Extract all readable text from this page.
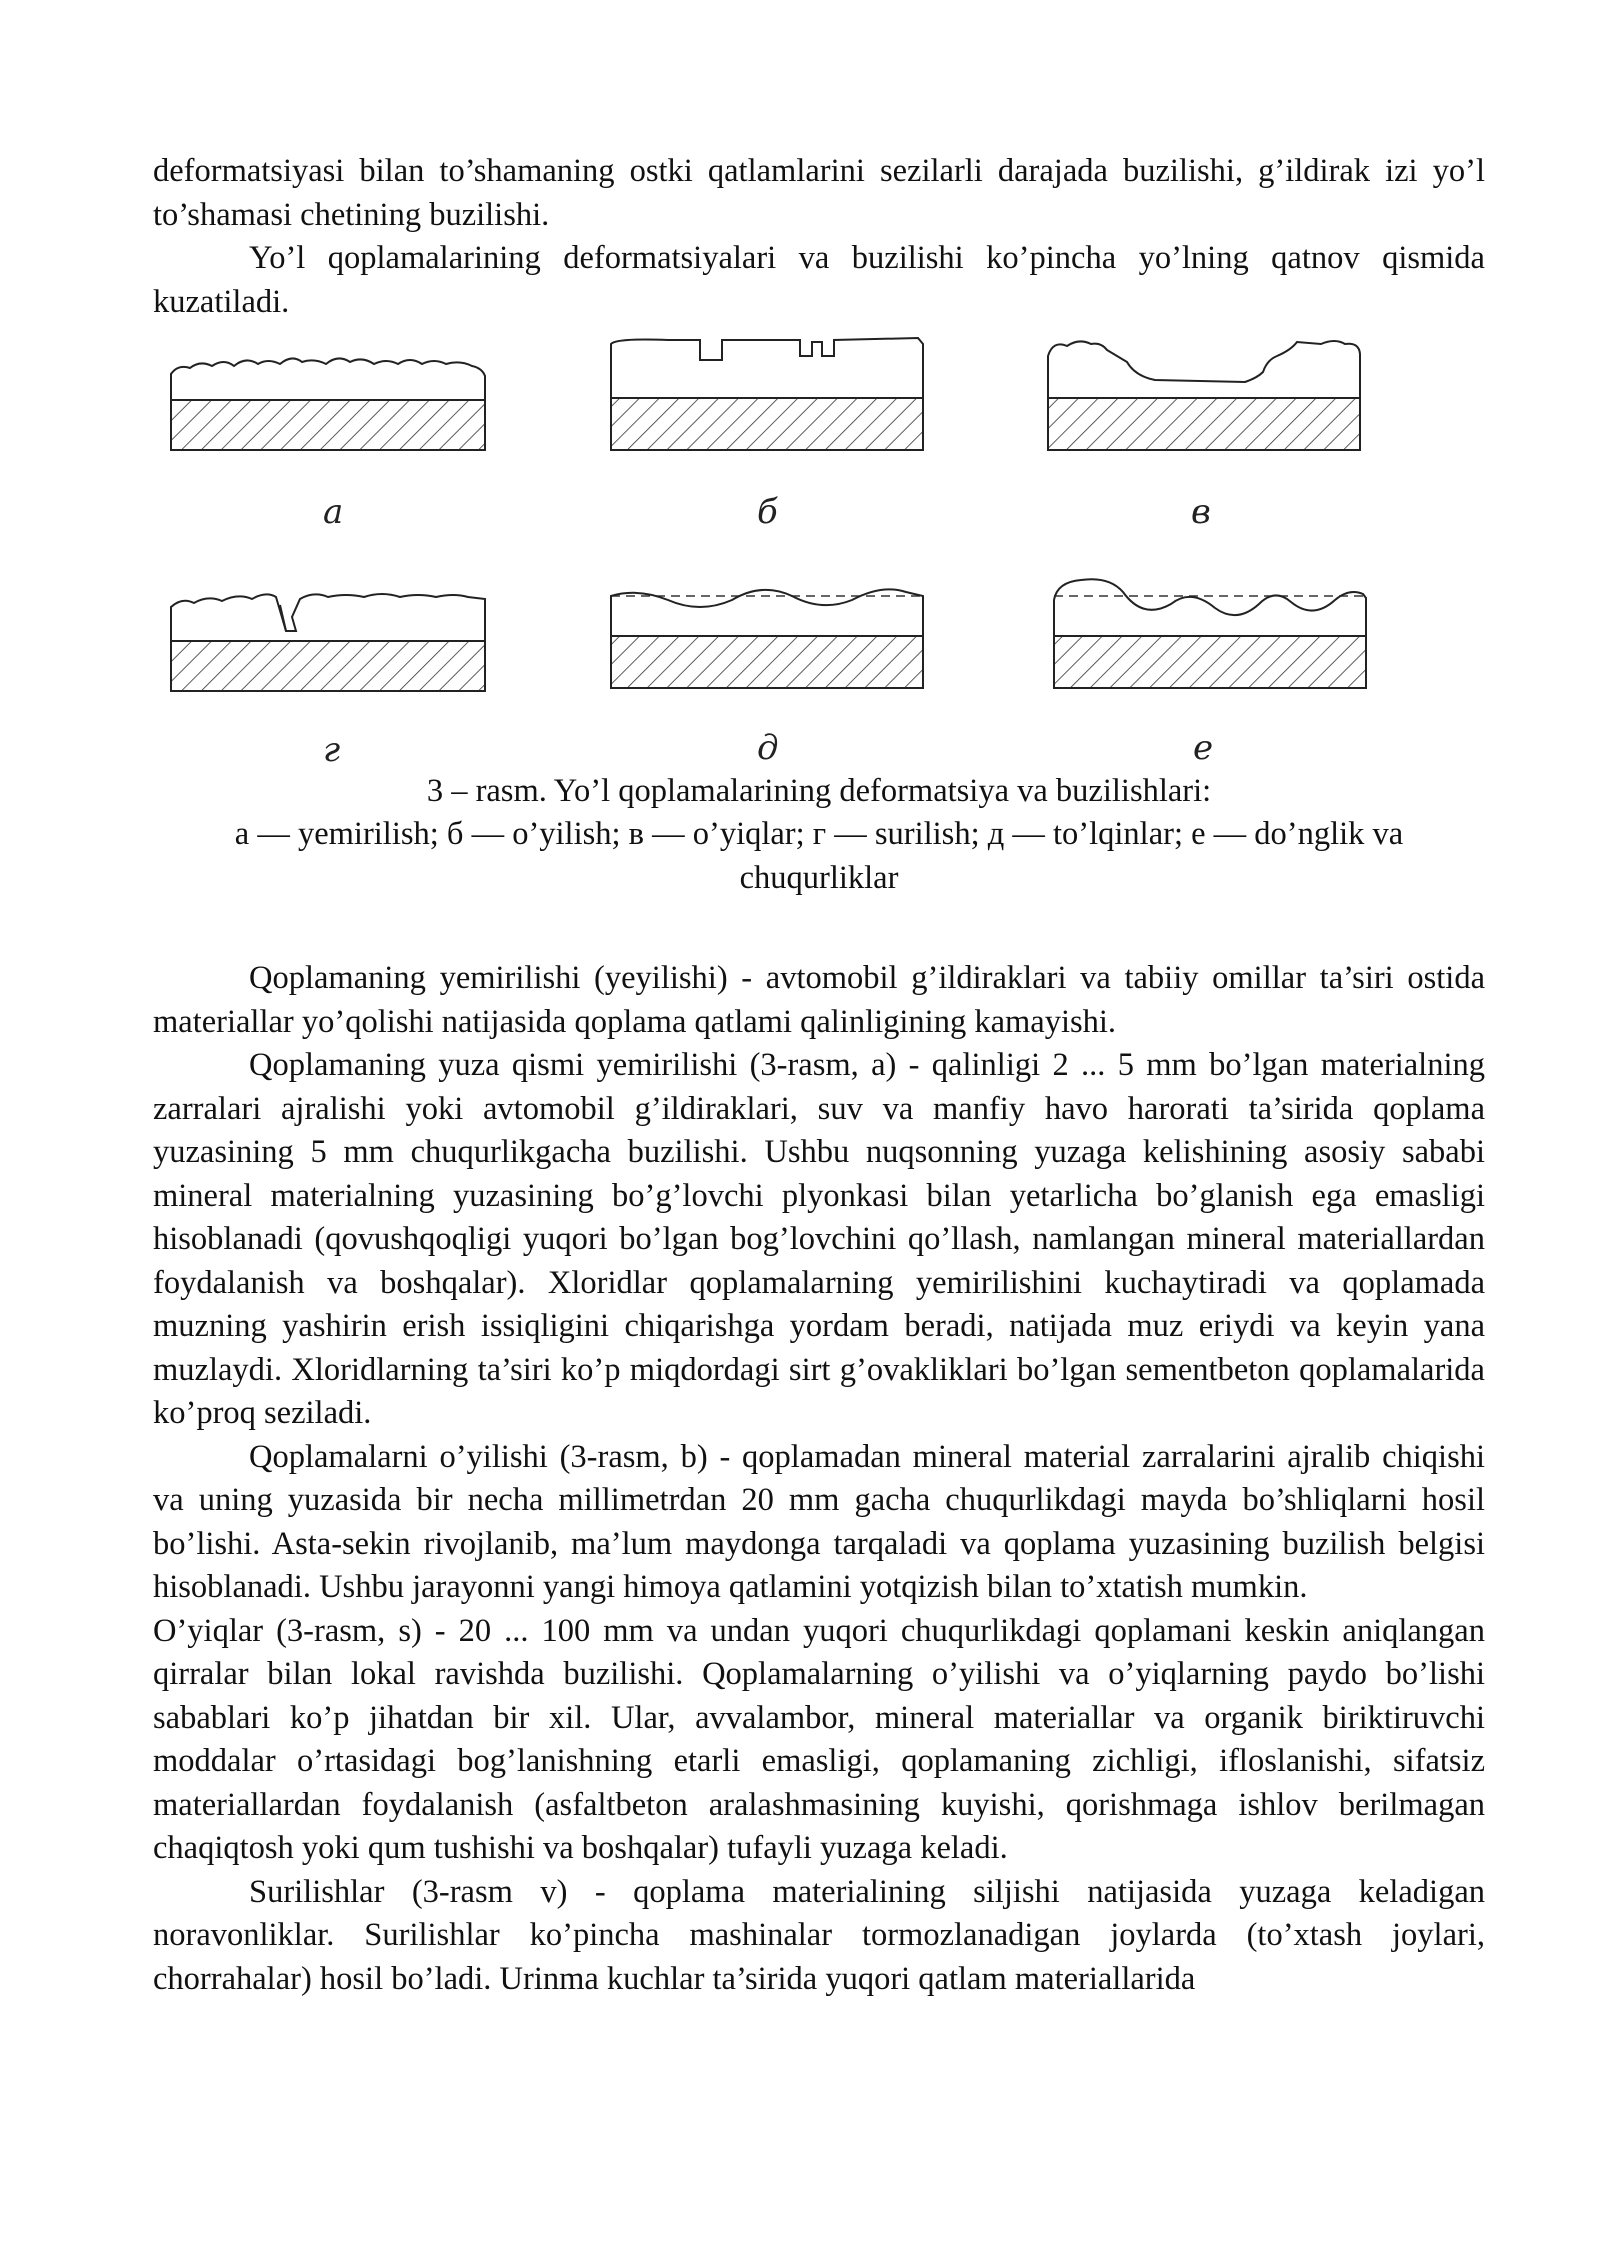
deformatsiyasi bilan to’shamaning ostki qatlamlarini sezilarli darajada buzilishi, g’ildirak izi yo’l to’shamasi chetining buzilishi.

Yo’l qoplamalarining deformatsiyalari va buzilishi ko’pincha yo’lning qatnov qismida kuzatiladi.

а	б	в
г	д	е

3 – rasm. Yo’l qoplamalarining deformatsiya va buzilishlari:

а — yemirilish; б — o’yilish; в — o’yiqlar; г — surilish; д — to’lqinlar; е — do’nglik va chuqurliklar

Qoplamaning yemirilishi (yeyilishi) - avtomobil g’ildiraklari va tabiiy omillar ta’siri ostida materiallar yo’qolishi natijasida qoplama qatlami qalinligining kamayishi.

Qoplamaning yuza qismi yemirilishi (3-rasm, a) - qalinligi 2 ... 5 mm bo’lgan materialning zarralari ajralishi yoki avtomobil g’ildiraklari, suv va manfiy havo harorati ta’sirida qoplama yuzasining 5 mm chuqurlikgacha buzilishi. Ushbu nuqsonning yuzaga kelishining asosiy sababi mineral materialning yuzasining bo’g’lovchi plyonkasi bilan yetarlicha bo’glanish ega emasligi hisoblanadi (qovushqoqligi yuqori bo’lgan bog’lovchini qo’llash, namlangan mineral materiallardan foydalanish va boshqalar). Xloridlar qoplamalarning yemirilishini kuchaytiradi va qoplamada muzning yashirin erish issiqligini chiqarishga yordam beradi, natijada muz eriydi va keyin yana muzlaydi. Xloridlarning ta’siri ko’p miqdordagi sirt g’ovakliklari bo’lgan sementbeton qoplamalarida ko’proq seziladi.

Qoplamalarni o’yilishi (3-rasm, b) - qoplamadan mineral material zarralarini ajralib chiqishi va uning yuzasida bir necha millimetrdan 20 mm gacha chuqurlikdagi mayda bo’shliqlarni hosil bo’lishi. Asta-sekin rivojlanib, ma’lum maydonga tarqaladi va qoplama yuzasining buzilish belgisi hisoblanadi. Ushbu jarayonni yangi himoya qatlamini yotqizish bilan to’xtatish mumkin.

O’yiqlar (3-rasm, s) - 20 ... 100 mm va undan yuqori chuqurlikdagi qoplamani keskin aniqlangan qirralar bilan lokal ravishda buzilishi. Qoplamalarning o’yilishi va o’yiqlarning paydo bo’lishi sabablari ko’p jihatdan bir xil. Ular, avvalambor, mineral materiallar va organik biriktiruvchi moddalar o’rtasidagi bog’lanishning etarli emasligi, qoplamaning zichligi, ifloslanishi, sifatsiz materiallardan foydalanish (asfaltbeton aralashmasining kuyishi, qorishmaga ishlov berilmagan chaqiqtosh yoki qum tushishi va boshqalar) tufayli yuzaga keladi.

Surilishlar (3-rasm v) - qoplama materialining siljishi natijasida yuzaga keladigan noravonliklar. Surilishlar ko’pincha mashinalar tormozlanadigan joylarda (to’xtash joylari, chorrahalar) hosil bo’ladi. Urinma kuchlar ta’sirida yuqori qatlam materiallarida
